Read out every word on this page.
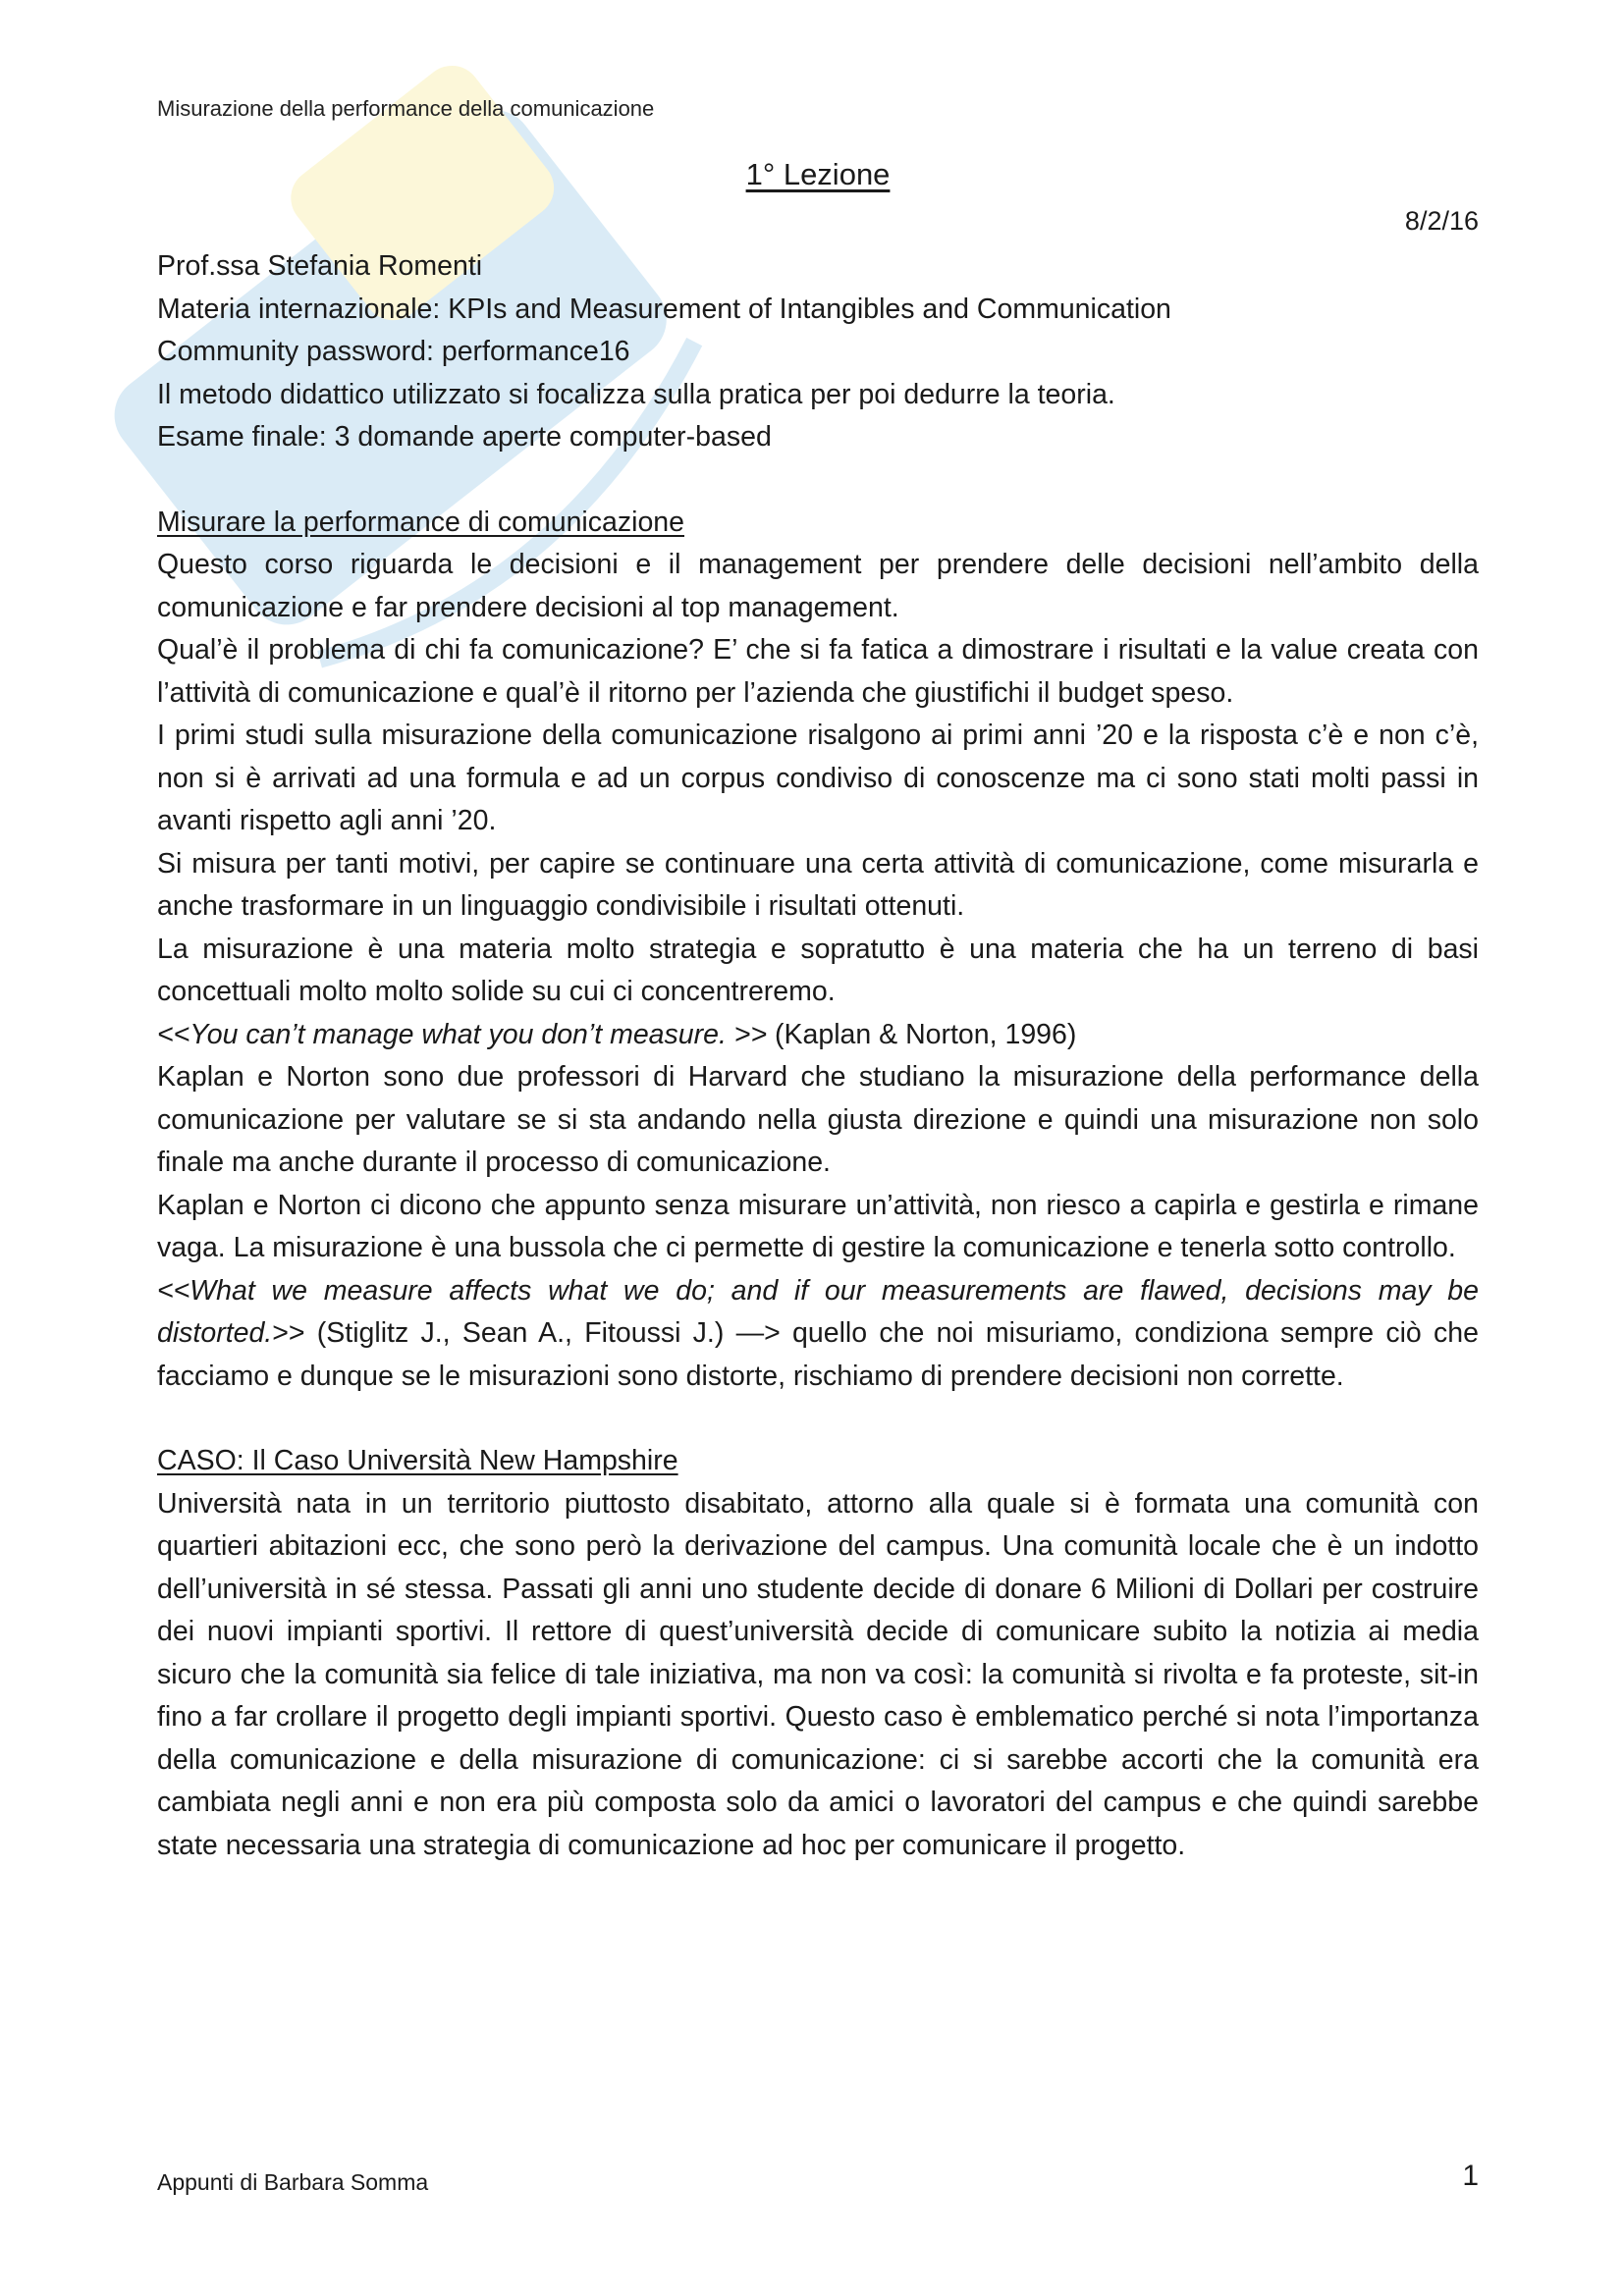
Misurazione della performance della comunicazione
1° Lezione
8/2/16

Prof.ssa Stefania Romenti

Materia internazionale: KPIs and Measurement of Intangibles and Communication

Community password: performance16

Il metodo didattico utilizzato si focalizza sulla pratica per poi dedurre la teoria.

Esame finale: 3 domande aperte computer-based

Misurare la performance di comunicazione

Questo corso riguarda le decisioni e il management per prendere delle decisioni nell’ambito della comunicazione e far prendere decisioni al top management.

Qual’è il problema di chi fa comunicazione? E’ che si fa fatica a dimostrare i risultati e la value creata con l’attività di comunicazione e qual’è il ritorno per l’azienda che giustifichi il budget speso.

I primi studi sulla misurazione della comunicazione risalgono ai primi anni ’20 e la risposta c’è e non c’è, non si è arrivati ad una formula e ad un corpus condiviso di conoscenze ma ci sono stati molti passi in avanti rispetto agli anni ’20.

Si misura per tanti motivi, per capire se continuare una certa attività di comunicazione, come misurarla e anche trasformare in un linguaggio condivisibile i risultati ottenuti.

La misurazione è una materia molto strategia e sopratutto è una materia che ha un terreno di basi concettuali molto molto solide su cui ci concentreremo.

<<You can’t manage what you don’t measure. >> (Kaplan & Norton, 1996)

Kaplan e Norton sono due professori di Harvard che studiano la misurazione della performance della comunicazione per valutare se si sta andando nella giusta direzione e quindi una misurazione non solo finale ma anche durante il processo di comunicazione.

Kaplan e Norton ci dicono che appunto senza misurare un’attività, non riesco a capirla e gestirla e rimane vaga. La misurazione è una bussola che ci permette di gestire la comunicazione e tenerla sotto controllo.

<<What we measure affects what we do; and if our measurements are flawed, decisions may be distorted.>> (Stiglitz J., Sean A., Fitoussi J.) —> quello che noi misuriamo, condiziona sempre ciò che facciamo e dunque se le misurazioni sono distorte, rischiamo di prendere decisioni non corrette.

CASO: Il Caso Università New Hampshire

Università nata in un territorio piuttosto disabitato, attorno alla quale si è formata una comunità con quartieri abitazioni ecc, che sono però la derivazione del campus. Una comunità locale che è un indotto dell’università in sé stessa. Passati gli anni uno studente decide di donare 6 Milioni di Dollari per costruire dei nuovi impianti sportivi. Il rettore di quest’università decide di comunicare subito la notizia ai media sicuro che la comunità sia felice di tale iniziativa, ma non va così: la comunità si rivolta e fa proteste, sit-in fino a far crollare il progetto degli impianti sportivi. Questo caso è emblematico perché si nota l’importanza della comunicazione e della misurazione di comunicazione: ci si sarebbe accorti che la comunità era cambiata negli anni e non era più composta solo da amici o lavoratori del campus e che quindi sarebbe state necessaria una strategia di comunicazione ad hoc per comunicare il progetto.

Appunti di Barbara Somma	1
